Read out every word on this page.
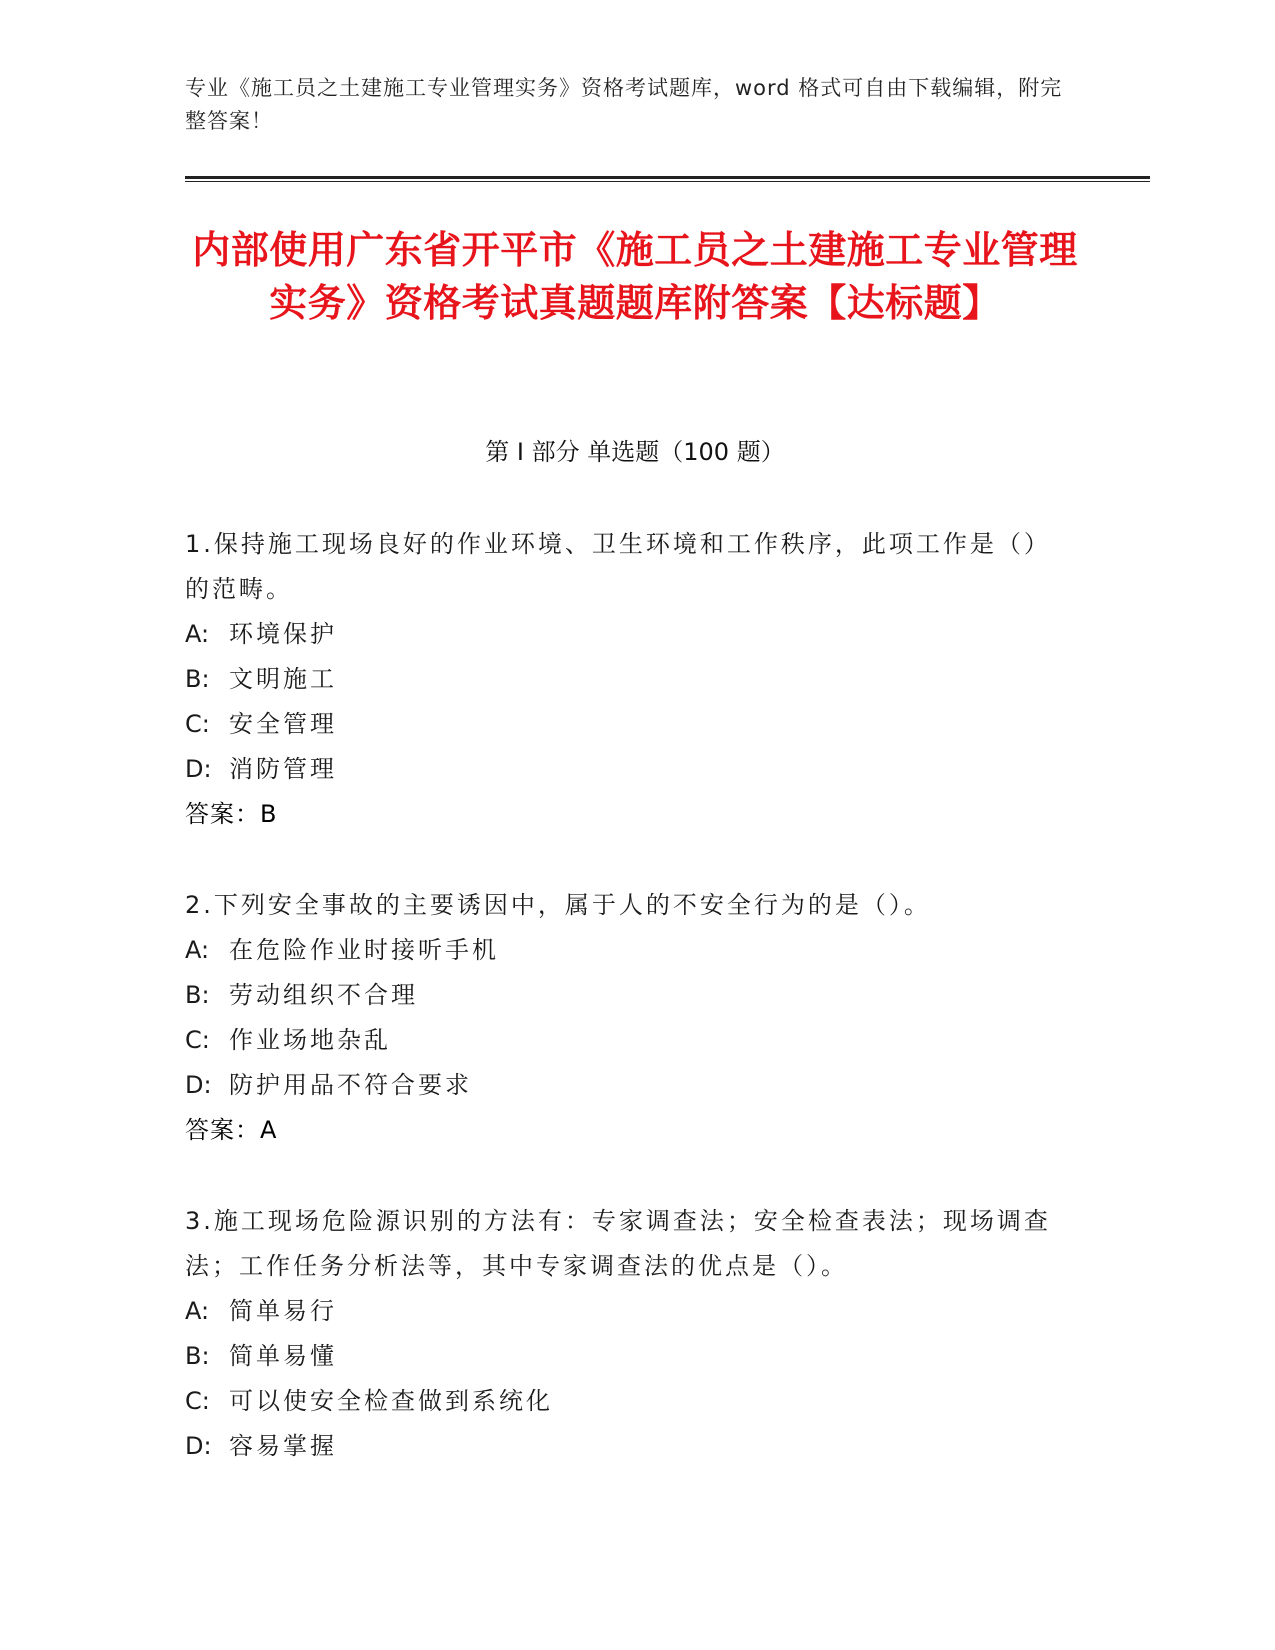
专业《施工员之土建施工专业管理实务》资格考试题库，word 格式可自由下载编辑，附完整答案！
内部使用广东省开平市《施工员之土建施工专业管理实务》资格考试真题题库附答案【达标题】
第 I 部分 单选题（100 题）
1.保持施工现场良好的作业环境、卫生环境和工作秩序，此项工作是（）的范畴。
A: 环境保护
B: 文明施工
C: 安全管理
D: 消防管理
答案：B
2.下列安全事故的主要诱因中，属于人的不安全行为的是（）。
A: 在危险作业时接听手机
B: 劳动组织不合理
C: 作业场地杂乱
D: 防护用品不符合要求
答案：A
3.施工现场危险源识别的方法有：专家调查法；安全检查表法；现场调查法；工作任务分析法等，其中专家调查法的优点是（）。
A: 简单易行
B: 简单易懂
C: 可以使安全检查做到系统化
D: 容易掌握
